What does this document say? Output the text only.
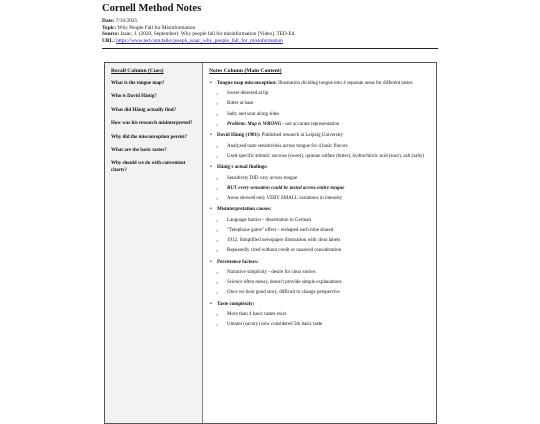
Cornell Method Notes
Date: 7/16/2025
Topic: Why People Fall for Misinformation
Source: Isaac, J. (2020, September). Why people fall for misinformation [Video]. TED-Ed.
URL: https://www.ted.com/talks/joseph_isaac_why_people_fall_for_misinformation
Recall Column (Cues)
What is the tongue map?
Who is David Hänig?
What did Hänig actually find?
How was his research misinterpreted?
Why did the misconception persist?
What are the basic tastes?
Why should we do with convenient charts?
Notes Column (Main Content)
• Tongue map misconception: Illustration dividing tongue into 4 separate areas for different tastes
○ Sweet detected at tip
○ Bitter at base
○ Salty and sour along sides
○ Problem: Map is WRONG - not accurate representation
• David Hänig (1901): Published research at Leipzig University
○ Analyzed taste sensitivities across tongue for 4 basic flavors
○ Used specific stimuli: sucrose (sweet), quinine sulfate (bitter), hydrochloric acid (sour), salt (salty)
• Hänig's actual findings:
○ Sensitivity DID vary across tongue
○ BUT every sensation could be tasted across entire tongue
○ Areas showed only VERY SMALL variations in intensity
• Misinterpretation causes:
○ Language barrier - dissertation in German
○ "Telephone game" effect - reshaped each time shared
○ 1912: Simplified newspaper illustration with clear labels
○ Repeatedly cited without credit or nuanced consideration
• Persistence factors:
○ Narrative simplicity - desire for clear stories
○ Science often messy, doesn't provide simple explanations
○ Once we hear good story, difficult to change perspective
• Taste complexity:
○ More than 4 basic tastes exist
○ Umami (savory) now considered 5th basic taste
